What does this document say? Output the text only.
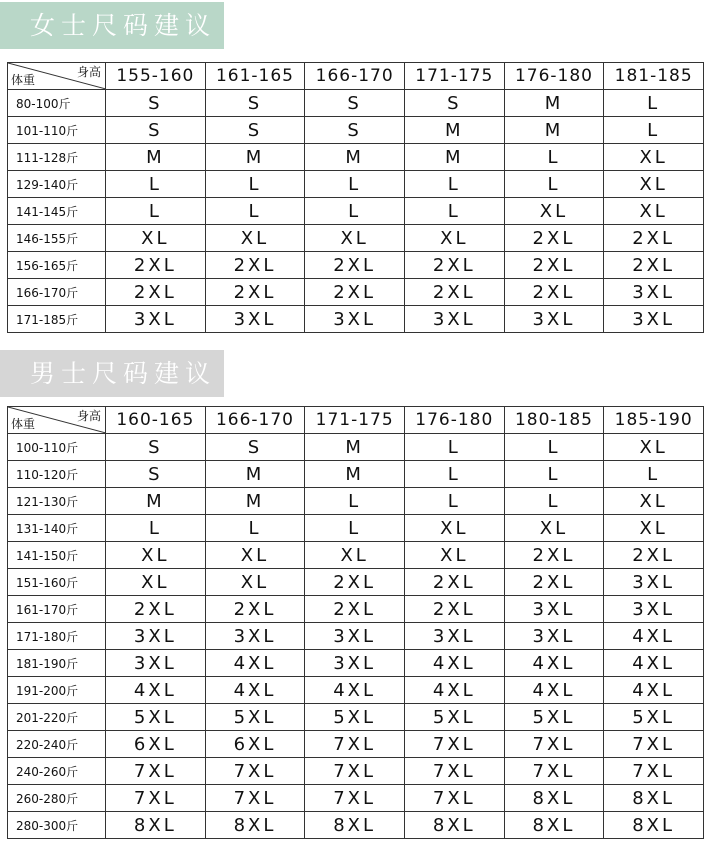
女士尺码建议
体重
身高	155-160	161-165	166-170	171-175	176-180	181-185
80-100斤	S	S	S	S	M	L
101-110斤	S	S	S	M	M	L
111-128斤	M	M	M	M	L	XL
129-140斤	L	L	L	L	L	XL
141-145斤	L	L	L	L	XL	XL
146-155斤	XL	XL	XL	XL	2XL	2XL
156-165斤	2XL	2XL	2XL	2XL	2XL	2XL
166-170斤	2XL	2XL	2XL	2XL	2XL	3XL
171-185斤	3XL	3XL	3XL	3XL	3XL	3XL
男士尺码建议
体重
身高	160-165	166-170	171-175	176-180	180-185	185-190
100-110斤	S	S	M	L	L	XL
110-120斤	S	M	M	L	L	L
121-130斤	M	M	L	L	L	XL
131-140斤	L	L	L	XL	XL	XL
141-150斤	XL	XL	XL	XL	2XL	2XL
151-160斤	XL	XL	2XL	2XL	2XL	3XL
161-170斤	2XL	2XL	2XL	2XL	3XL	3XL
171-180斤	3XL	3XL	3XL	3XL	3XL	4XL
181-190斤	3XL	4XL	3XL	4XL	4XL	4XL
191-200斤	4XL	4XL	4XL	4XL	4XL	4XL
201-220斤	5XL	5XL	5XL	5XL	5XL	5XL
220-240斤	6XL	6XL	7XL	7XL	7XL	7XL
240-260斤	7XL	7XL	7XL	7XL	7XL	7XL
260-280斤	7XL	7XL	7XL	7XL	8XL	8XL
280-300斤	8XL	8XL	8XL	8XL	8XL	8XL
